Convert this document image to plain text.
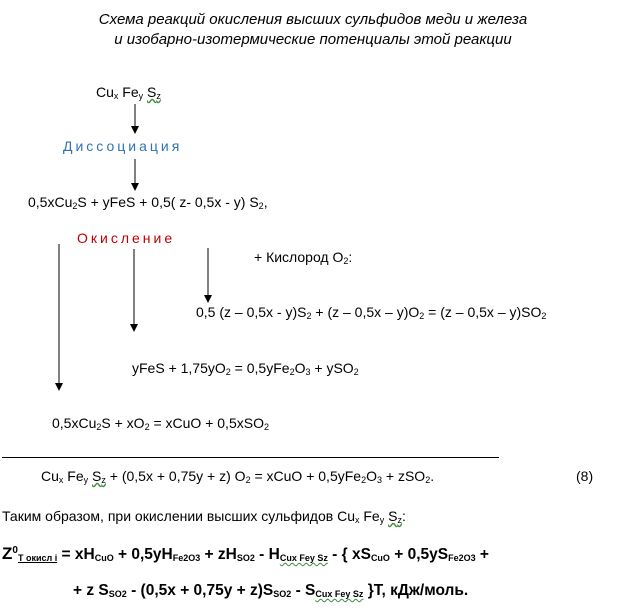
Схема реакций окисления высших сульфидов меди и железа
и изобарно-изотермические потенциалы этой реакции
$Cu_x$ $Fe_y$ $S_z$
Диссоциация
0,5xCu$_2$S + yFeS + 0,5( z- 0,5x - y) $S_2$,
Окисление
+ Кислород $O_2$:
0,5 $(z - 0,5x - y)S_2 + (z - 0,5x - y)O_2 = (z - 0,5x - y)SO_2$
yFeS + $1,75yO_2 = 0,5yFe_2O_3 + ySO_2$
$0,5xCu_2S + xO_2$ = xCuO + 0,5xSO$_2$
$Cu_x$ $Fe_y$ $S_z + (0,5x + 0,75y + z) O_2$ = xCuO + $0,5yFe_2O_3 + zSO_2$.	(8)
Таким образом, при окислении высших сульфидов $Cu_x$ $Fe_y$ $S_z$:
$Z^0_{T окисл i} = xH_{CuO} + 0,5yH_{Fe2O3} + zH_{SO2} - H_{Cux Fey Sz}$ - { $xS_{CuO} + 0,5yS_{Fe2O3}$ +
+ z $S_{SO2} - (0,5x + 0,75y + z)S_{SO2} - S_{Cux Fey Sz}$ }T, кДж/моль.
